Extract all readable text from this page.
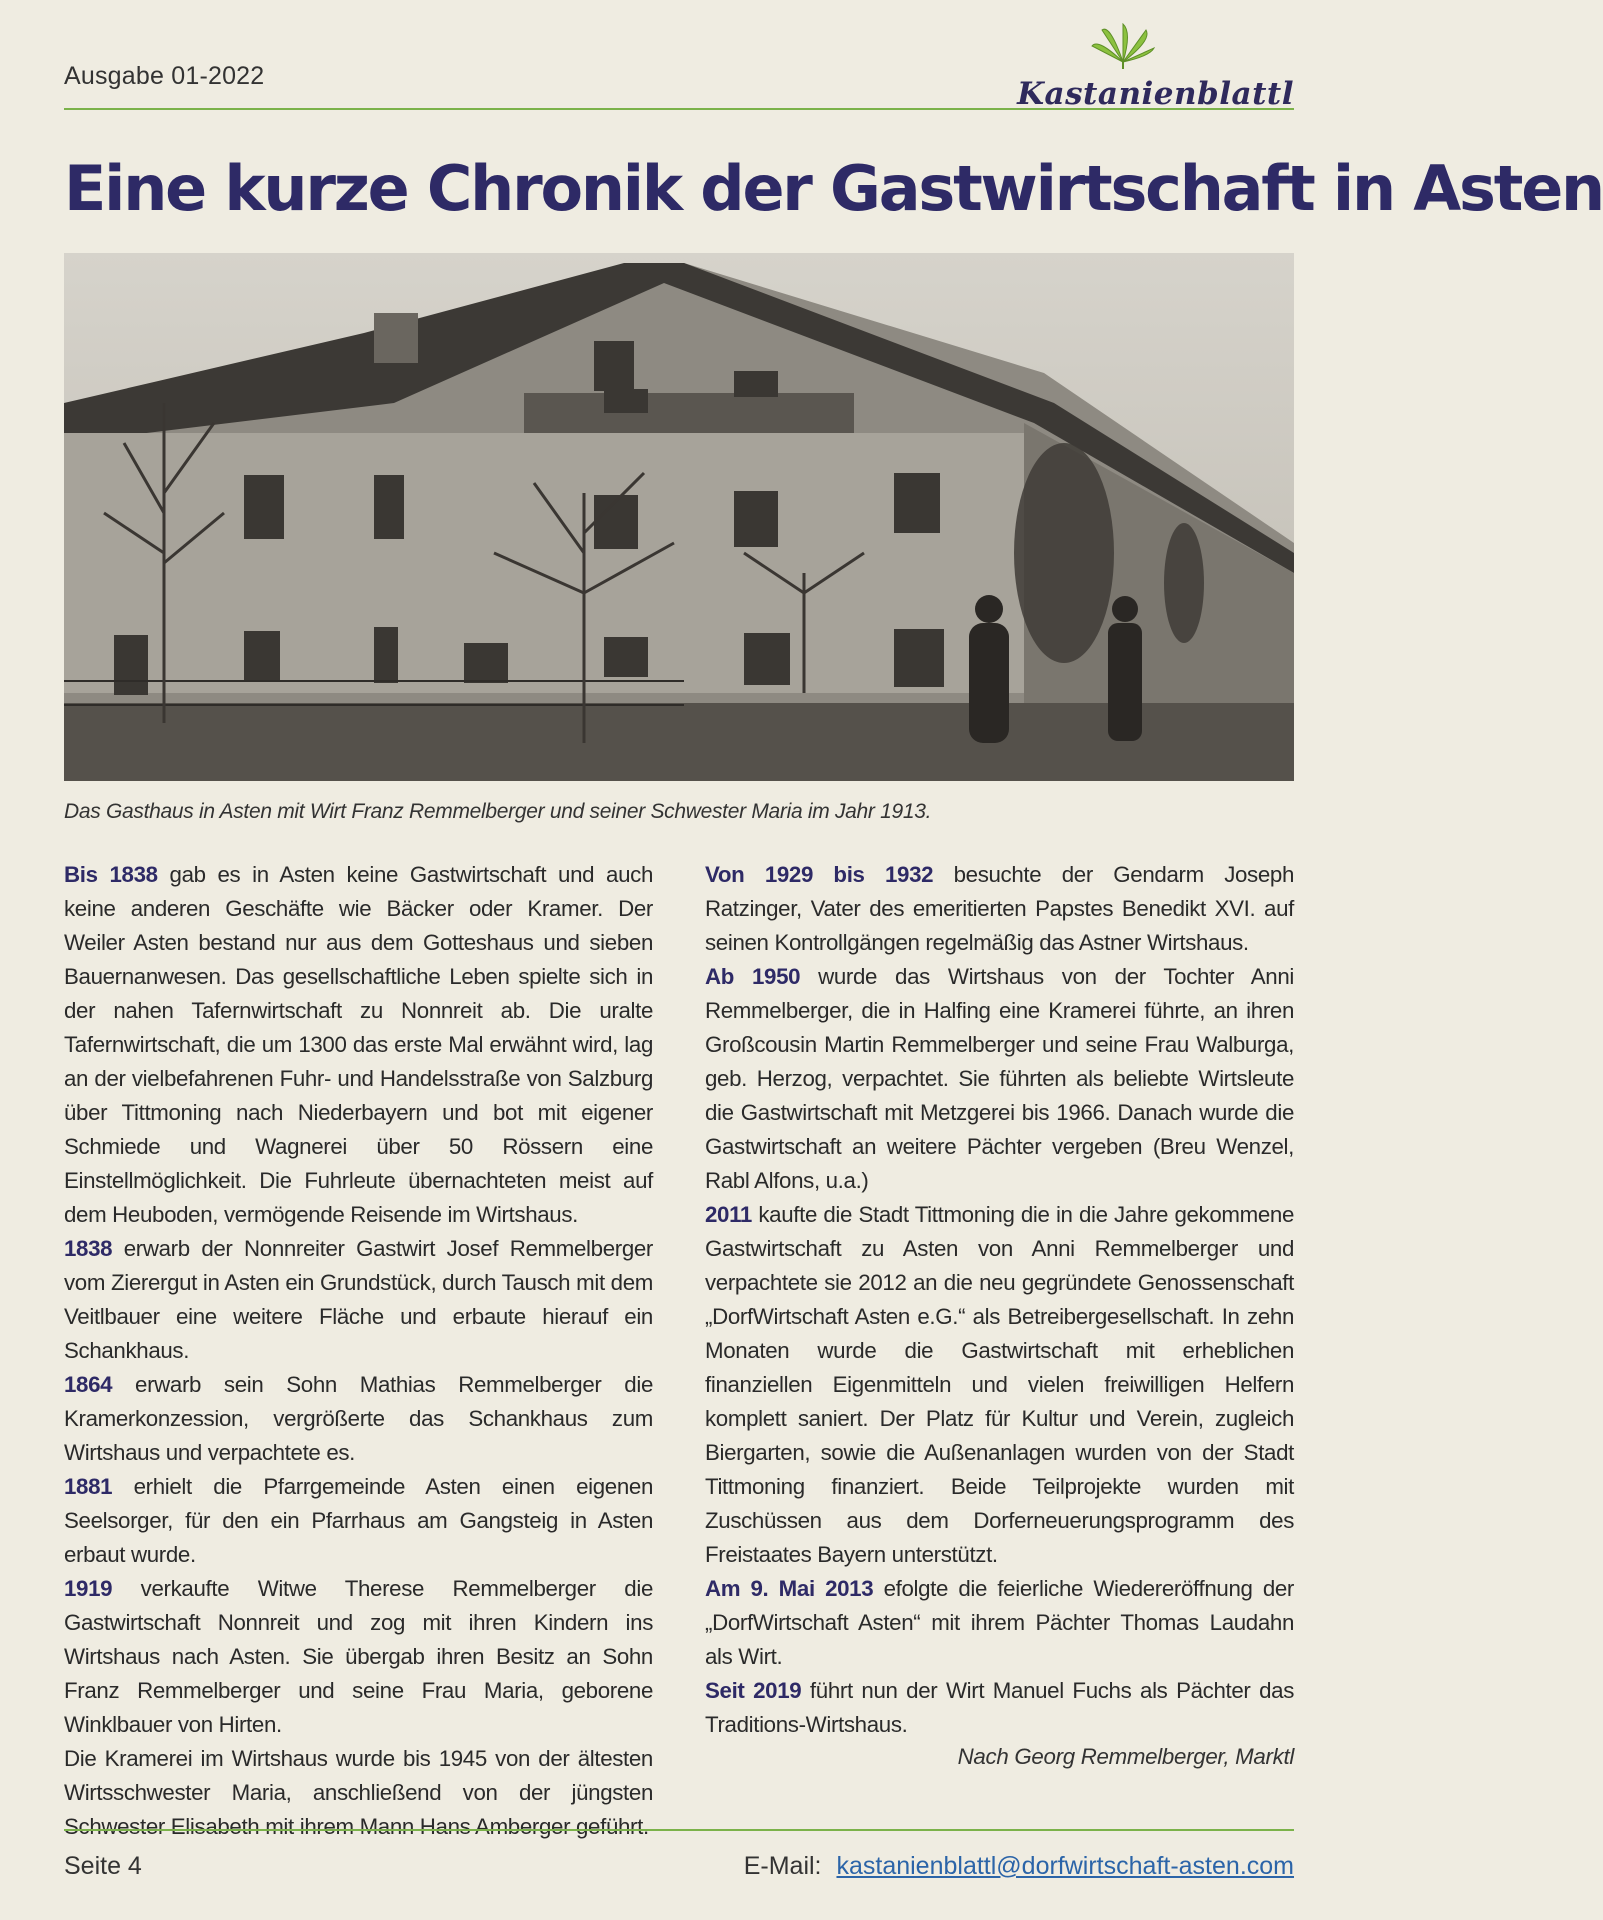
Ausgabe 01-2022	Kastanienblattl
Eine kurze Chronik der Gastwirtschaft in Asten
Das Gasthaus in Asten mit Wirt Franz Remmelberger und seiner Schwester Maria im Jahr 1913.

Bis 1838 gab es in Asten keine Gastwirtschaft und auch keine anderen Geschäfte wie Bäcker oder Kramer. Der Weiler Asten bestand nur aus dem Gotteshaus und sieben Bauernanwesen. Das gesellschaftliche Leben spielte sich in der nahen Tafernwirtschaft zu Nonnreit ab. Die uralte Tafernwirtschaft, die um 1300 das erste Mal erwähnt wird, lag an der vielbefahrenen Fuhr- und Handelsstraße von Salzburg über Tittmoning nach Niederbayern und bot mit eigener Schmiede und Wagnerei über 50 Rössern eine Einstellmöglichkeit. Die Fuhrleute übernachteten meist auf dem Heuboden, vermögende Reisende im Wirtshaus.

1838 erwarb der Nonnreiter Gastwirt Josef Remmelberger vom Zierergut in Asten ein Grundstück, durch Tausch mit dem Veitlbauer eine weitere Fläche und erbaute hierauf ein Schankhaus.

1864 erwarb sein Sohn Mathias Remmelberger die Kramerkonzession, vergrößerte das Schankhaus zum Wirtshaus und verpachtete es.

1881 erhielt die Pfarrgemeinde Asten einen eigenen Seelsorger, für den ein Pfarrhaus am Gangsteig in Asten erbaut wurde.

1919 verkaufte Witwe Therese Remmelberger die Gastwirtschaft Nonnreit und zog mit ihren Kindern ins Wirtshaus nach Asten. Sie übergab ihren Besitz an Sohn Franz Remmelberger und seine Frau Maria, geborene Winklbauer von Hirten.

Die Kramerei im Wirtshaus wurde bis 1945 von der ältesten Wirtsschwester Maria, anschließend von der jüngsten Schwester Elisabeth mit ihrem Mann Hans Amberger geführt.

Von 1929 bis 1932 besuchte der Gendarm Joseph Ratzinger, Vater des emeritierten Papstes Benedikt XVI. auf seinen Kontrollgängen regelmäßig das Astner Wirtshaus.

Ab 1950 wurde das Wirtshaus von der Tochter Anni Remmelberger, die in Halfing eine Kramerei führte, an ihren Großcousin Martin Remmelberger und seine Frau Walburga, geb. Herzog, verpachtet. Sie führten als beliebte Wirtsleute die Gastwirtschaft mit Metzgerei bis 1966. Danach wurde die Gastwirtschaft an weitere Pächter vergeben (Breu Wenzel, Rabl Alfons, u.a.)

2011 kaufte die Stadt Tittmoning die in die Jahre gekommene Gastwirtschaft zu Asten von Anni Remmelberger und verpachtete sie 2012 an die neu gegründete Genossenschaft „DorfWirtschaft Asten e.G.“ als Betreibergesellschaft. In zehn Monaten wurde die Gastwirtschaft mit erheblichen finanziellen Eigenmitteln und vielen freiwilligen Helfern komplett saniert. Der Platz für Kultur und Verein, zugleich Biergarten, sowie die Außenanlagen wurden von der Stadt Tittmoning finanziert. Beide Teilprojekte wurden mit Zuschüssen aus dem Dorferneuerungsprogramm des Freistaates Bayern unterstützt.

Am 9. Mai 2013 efolgte die feierliche Wiedereröffnung der „DorfWirtschaft Asten“ mit ihrem Pächter Thomas Laudahn als Wirt.

Seit 2019 führt nun der Wirt Manuel Fuchs als Pächter das Traditions-Wirtshaus.

Nach Georg Remmelberger, Marktl
Seite 4	E-Mail: kastanienblattl@dorfwirtschaft-asten.com
